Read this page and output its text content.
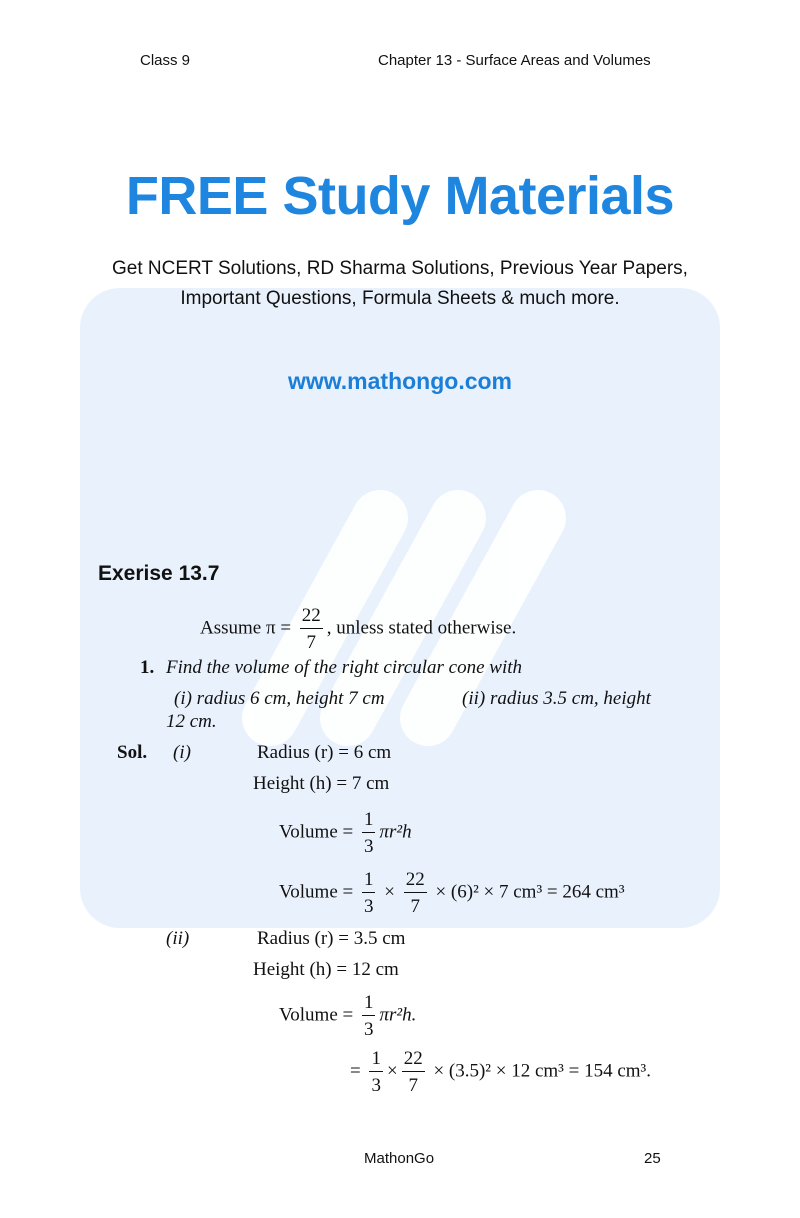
Class 9	Chapter 13 - Surface Areas and Volumes
FREE Study Materials
Get NCERT Solutions, RD Sharma Solutions, Previous Year Papers,
Important Questions, Formula Sheets & much more.
www.mathongo.com
Exerise 13.7
Assume $\pi = \frac{22}{7}$ , unless stated otherwise.
1. Find the volume of the right circular cone with
(i) radius 6 cm, height 7 cm	(ii) radius 3.5 cm, height
12 cm.
Sol. (i)	Radius (r) = 6 cm
Height (h) = 7 cm
Volume = $\frac{1}{3} \pi r^2h$
Volume = $\frac{1}{3} \times \frac{22}{7} \times (6)^2 \times 7$ cm³ = 264 cm³
(ii)	Radius (r) = 3.5 cm
Height (h) = 12 cm
Volume = $\frac{1}{3} \pi r^2h$.
= $\frac{1}{3} \times \frac{22}{7} \times (3.5)^2 \times 12$ cm³ = 154 cm³.
MathonGo	25
